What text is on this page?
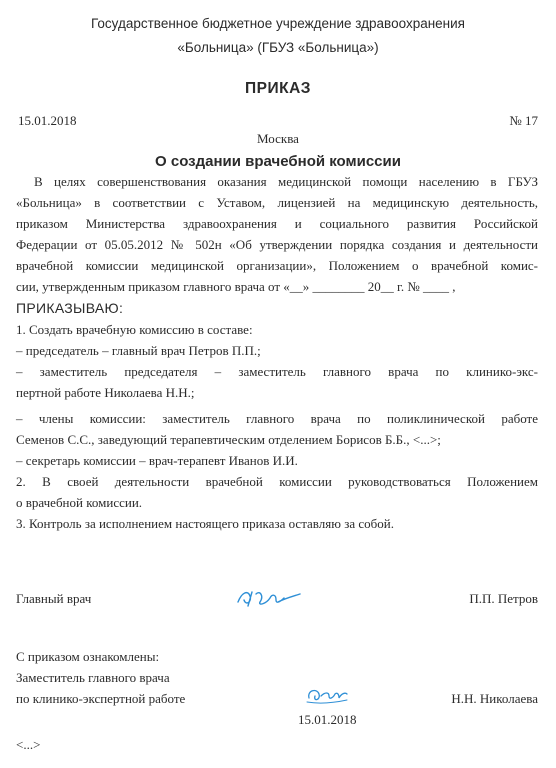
Государственное бюджетное учреждение здравоохранения
«Больница» (ГБУЗ «Больница»)
ПРИКАЗ
15.01.2018	№ 17
Москва
О создании врачебной комиссии
В целях совершенствования оказания медицинской помощи населению в ГБУЗ
«Больница» в соответствии с Уставом, лицензией на медицинскую деятельность,
приказом Министерства здравоохранения и социального развития Российской
Федерации от 05.05.2012 № 502н «Об утверждении порядка создания и деятельности
врачебной комиссии медицинской организации», Положением о врачебной комис-
сии, утвержденным приказом главного врача от «__» ________ 20__ г. № ____ ,
ПРИКАЗЫВАЮ:
1. Создать врачебную комиссию в составе:
– председатель – главный врач Петров П.П.;
– заместитель председателя – заместитель главного врача по клинико-экс-
пертной работе Николаева Н.Н.;
– члены комиссии: заместитель главного врача по поликлинической работе
Семенов С.С., заведующий терапевтическим отделением Борисов Б.Б., <...>;
– секретарь комиссии – врач-терапевт Иванов И.И.
2. В своей деятельности врачебной комиссии руководствоваться Положением
о врачебной комиссии.
3. Контроль за исполнением настоящего приказа оставляю за собой.
Главный врач	П.П. Петров
С приказом ознакомлены:
Заместитель главного врача
по клинико-экспертной работе	Н.Н. Николаева
15.01.2018
<...>
